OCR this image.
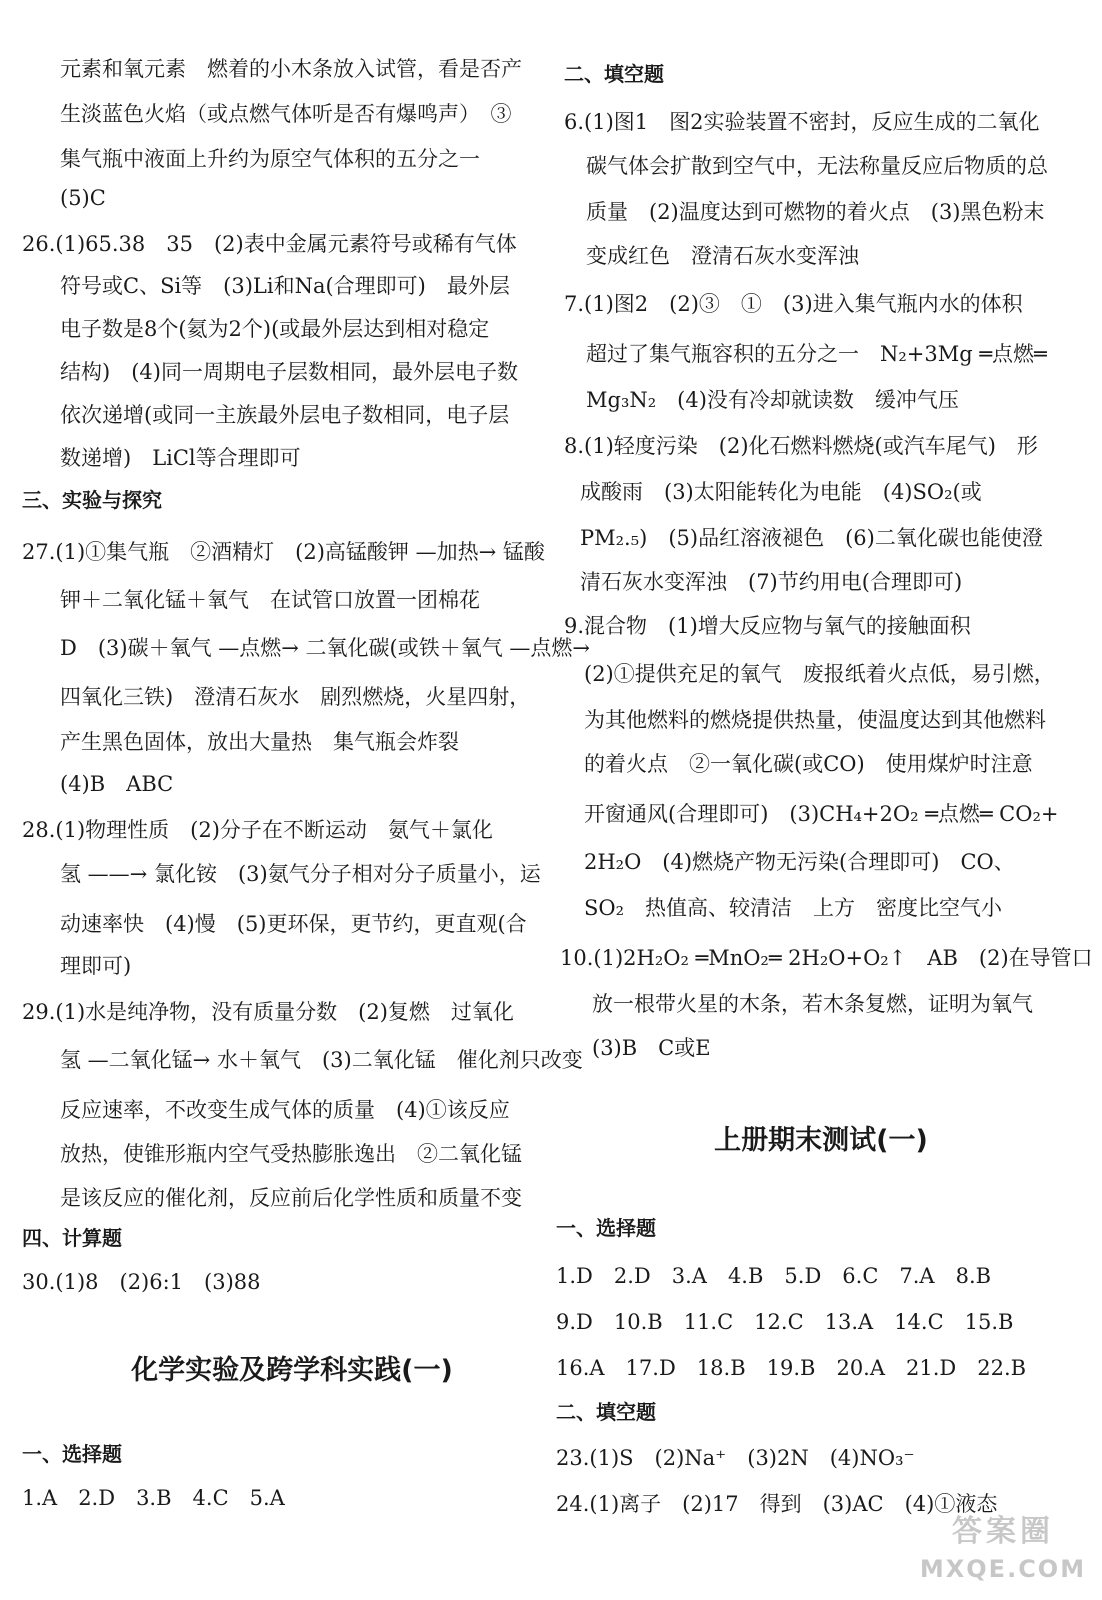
元素和氧元素　燃着的小木条放入试管，看是否产
生淡蓝色火焰（或点燃气体听是否有爆鸣声）　③
集气瓶中液面上升约为原空气体积的五分之一
(5)C
26.(1)65.38　35　(2)表中金属元素符号或稀有气体
符号或C、Si等　(3)Li和Na(合理即可)　最外层
电子数是8个(氦为2个)(或最外层达到相对稳定
结构)　(4)同一周期电子层数相同，最外层电子数
依次递增(或同一主族最外层电子数相同，电子层
数递增)　LiCl等合理即可
三、实验与探究
27.(1)①集气瓶　②酒精灯　(2)高锰酸钾 —加热→ 锰酸
钾＋二氧化锰＋氧气　在试管口放置一团棉花
D　(3)碳＋氧气 —点燃→ 二氧化碳(或铁＋氧气 —点燃→
四氧化三铁)　澄清石灰水　剧烈燃烧，火星四射，
产生黑色固体，放出大量热　集气瓶会炸裂
(4)B　ABC
28.(1)物理性质　(2)分子在不断运动　氨气＋氯化
氢 ——→ 氯化铵　(3)氨气分子相对分子质量小，运
动速率快　(4)慢　(5)更环保，更节约，更直观(合
理即可)
29.(1)水是纯净物，没有质量分数　(2)复燃　过氧化
氢 —二氧化锰→ 水＋氧气　(3)二氧化锰　催化剂只改变
反应速率，不改变生成气体的质量　(4)①该反应
放热，使锥形瓶内空气受热膨胀逸出　②二氧化锰
是该反应的催化剂，反应前后化学性质和质量不变
四、计算题
30.(1)8　(2)6:1　(3)88
化学实验及跨学科实践(一)
一、选择题
1.A　2.D　3.B　4.C　5.A
二、填空题
6.(1)图1　图2实验装置不密封，反应生成的二氧化
碳气体会扩散到空气中，无法称量反应后物质的总
质量　(2)温度达到可燃物的着火点　(3)黑色粉末
变成红色　澄清石灰水变浑浊
7.(1)图2　(2)③　①　(3)进入集气瓶内水的体积
超过了集气瓶容积的五分之一　N₂+3Mg ═点燃═
Mg₃N₂　(4)没有冷却就读数　缓冲气压
8.(1)轻度污染　(2)化石燃料燃烧(或汽车尾气)　形
成酸雨　(3)太阳能转化为电能　(4)SO₂(或
PM₂.₅)　(5)品红溶液褪色　(6)二氧化碳也能使澄
清石灰水变浑浊　(7)节约用电(合理即可)
9.混合物　(1)增大反应物与氧气的接触面积
(2)①提供充足的氧气　废报纸着火点低，易引燃，
为其他燃料的燃烧提供热量，使温度达到其他燃料
的着火点　②一氧化碳(或CO)　使用煤炉时注意
开窗通风(合理即可)　(3)CH₄+2O₂ ═点燃═ CO₂+
2H₂O　(4)燃烧产物无污染(合理即可)　CO、
SO₂　热值高、较清洁　上方　密度比空气小
10.(1)2H₂O₂ ═MnO₂═ 2H₂O+O₂↑　AB　(2)在导管口
放一根带火星的木条，若木条复燃，证明为氧气
(3)B　C或E
上册期末测试(一)
一、选择题
1.D　2.D　3.A　4.B　5.D　6.C　7.A　8.B
9.D　10.B　11.C　12.C　13.A　14.C　15.B
16.A　17.D　18.B　19.B　20.A　21.D　22.B
二、填空题
23.(1)S　(2)Na⁺　(3)2N　(4)NO₃⁻
24.(1)离子　(2)17　得到　(3)AC　(4)①液态
答案圈
MXQE.COM
